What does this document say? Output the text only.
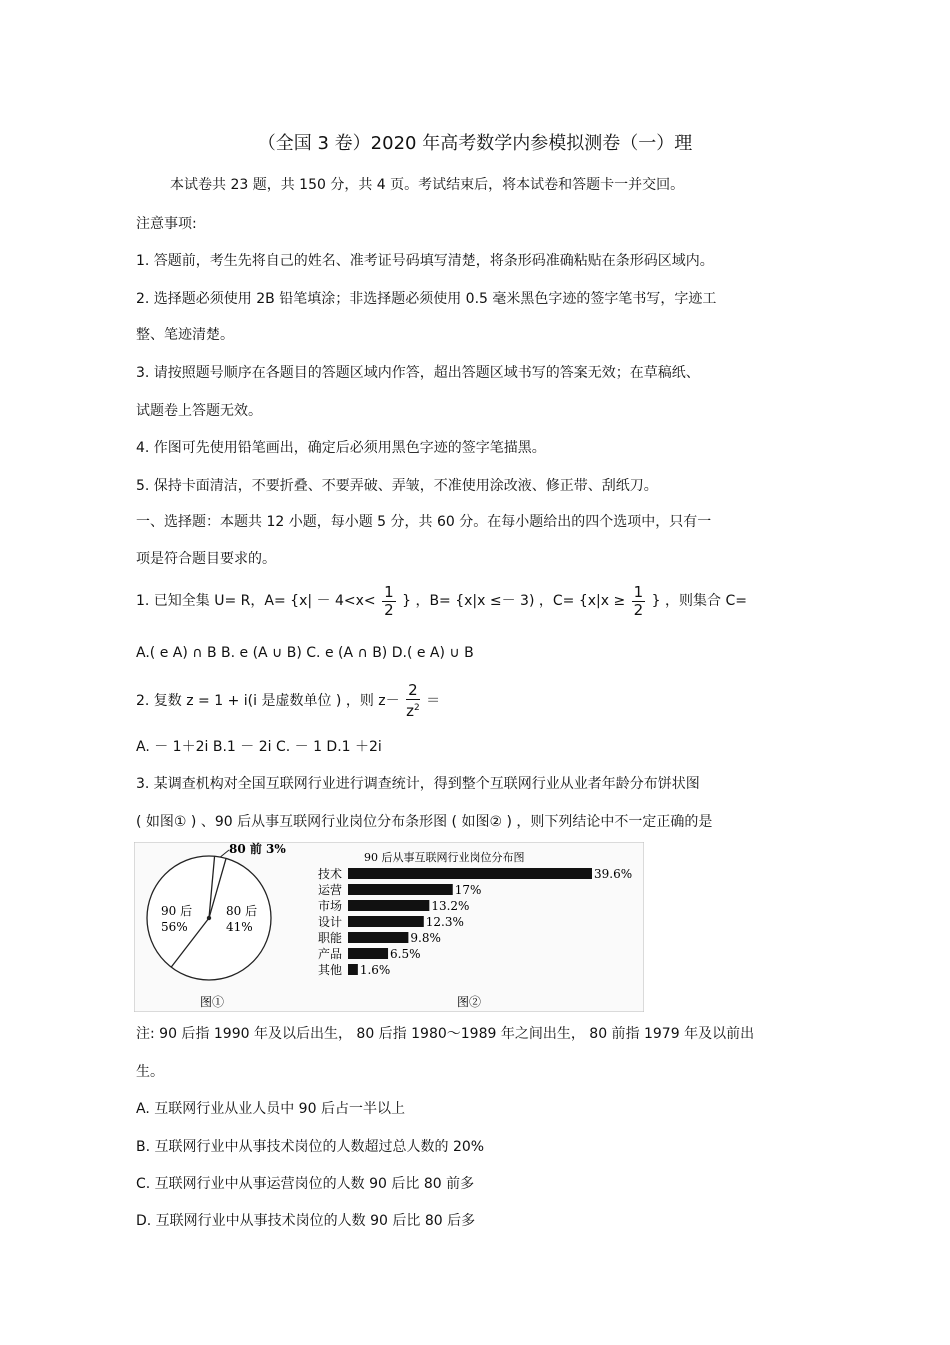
（全国 3 卷）2020 年高考数学内参模拟测卷（一）理
本试卷共 23 题，共 150 分，共 4 页。考试结束后，将本试卷和答题卡一并交回。
注意事项:
1. 答题前，考生先将自己的姓名、准考证号码填写清楚，将条形码准确粘贴在条形码区域内。
2. 选择题必须使用 2B 铅笔填涂；非选择题必须使用 0.5 毫米黑色字迹的签字笔书写，字迹工
整、笔迹清楚。
3. 请按照题号顺序在各题目的答题区域内作答，超出答题区域书写的答案无效；在草稿纸、
试题卷上答题无效。
4. 作图可先使用铅笔画出，确定后必须用黑色字迹的签字笔描黑。
5. 保持卡面清洁，不要折叠、不要弄破、弄皱，不准使用涂改液、修正带、刮纸刀。
一、选择题：本题共 12 小题，每小题 5 分，共 60 分。在每小题给出的四个选项中，只有一
项是符合题目要求的。
1. 已知全集 U= R，$A= \{x| - 4<x< \frac{1}{2}$ } ，B= {x|x ≤－ 3) ，$C= \{x|x \ge \frac{1}{2}$ } ，则集合 C=
A.( e A) ∩ B B. e (A ∪ B) C. e (A ∩ B) D.( e A) ∪ B
2. 复数 z = 1 + i(i 是虚数单位 ) ，则 $z- \frac{2}{z^2}$ ＝
A. － 1＋2i B.1 － 2i C. － 1 D.1 ＋2i
3. 某调查机构对全国互联网行业进行调查统计，得到整个互联网行业从业者年龄分布饼状图
( 如图① ) 、90 后从事互联网行业岗位分布条形图 ( 如图② ) ，则下列结论中不一定正确的是
80 前 3%
90 后
56%
80 后
41%
图①
90 后从事互联网行业岗位分布图
技术	39.6%
运营	17%
市场	13.2%
设计	12.3%
职能	9.8%
产品	6.5%
其他 1.6%
图②
注: 90 后指 1990 年及以后出生， 80 后指 1980～1989 年之间出生， 80 前指 1979 年及以前出
生。
A. 互联网行业从业人员中 90 后占一半以上
B. 互联网行业中从事技术岗位的人数超过总人数的 20%
C. 互联网行业中从事运营岗位的人数 90 后比 80 前多
D. 互联网行业中从事技术岗位的人数 90 后比 80 后多
